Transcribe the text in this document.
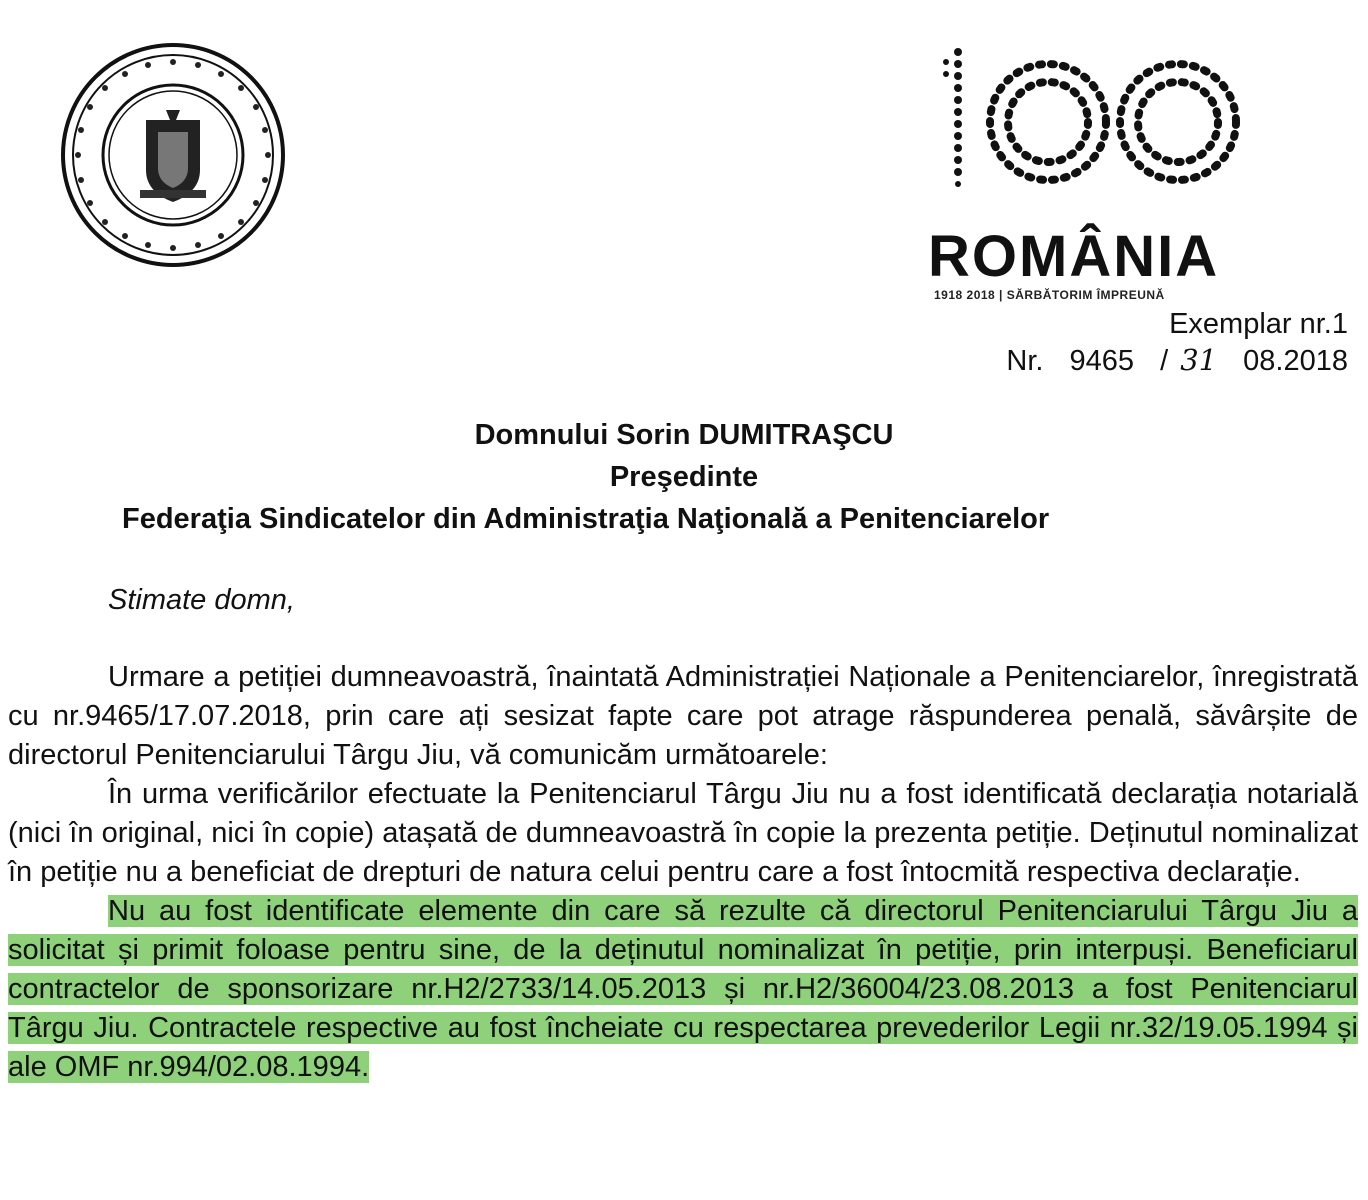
ROMÂNIA
1918 2018 | SĂRBĂTORIM ÎMPREUNĂ
Exemplar nr.1
Nr. 9465 / 31 08.2018
Domnului Sorin DUMITRAŞCU
Preşedinte
Federaţia Sindicatelor din Administraţia Naţională a Penitenciarelor
Stimate domn,

Urmare a petiției dumneavoastră, înaintată Administrației Naționale a Penitenciarelor, înregistrată cu nr.9465/17.07.2018, prin care ați sesizat fapte care pot atrage răspunderea penală, săvârșite de directorul Penitenciarului Târgu Jiu, vă comunicăm următoarele:

În urma verificărilor efectuate la Penitenciarul Târgu Jiu nu a fost identificată declarația notarială (nici în original, nici în copie) atașată de dumneavoastră în copie la prezenta petiție. Deținutul nominalizat în petiție nu a beneficiat de drepturi de natura celui pentru care a fost întocmită respectiva declarație.

Nu au fost identificate elemente din care să rezulte că directorul Penitenciarului Târgu Jiu a solicitat și primit foloase pentru sine, de la deținutul nominalizat în petiție, prin interpuși. Beneficiarul contractelor de sponsorizare nr.H2/2733/14.05.2013 și nr.H2/36004/23.08.2013 a fost Penitenciarul Târgu Jiu. Contractele respective au fost încheiate cu respectarea prevederilor Legii nr.32/19.05.1994 și ale OMF nr.994/02.08.1994.
